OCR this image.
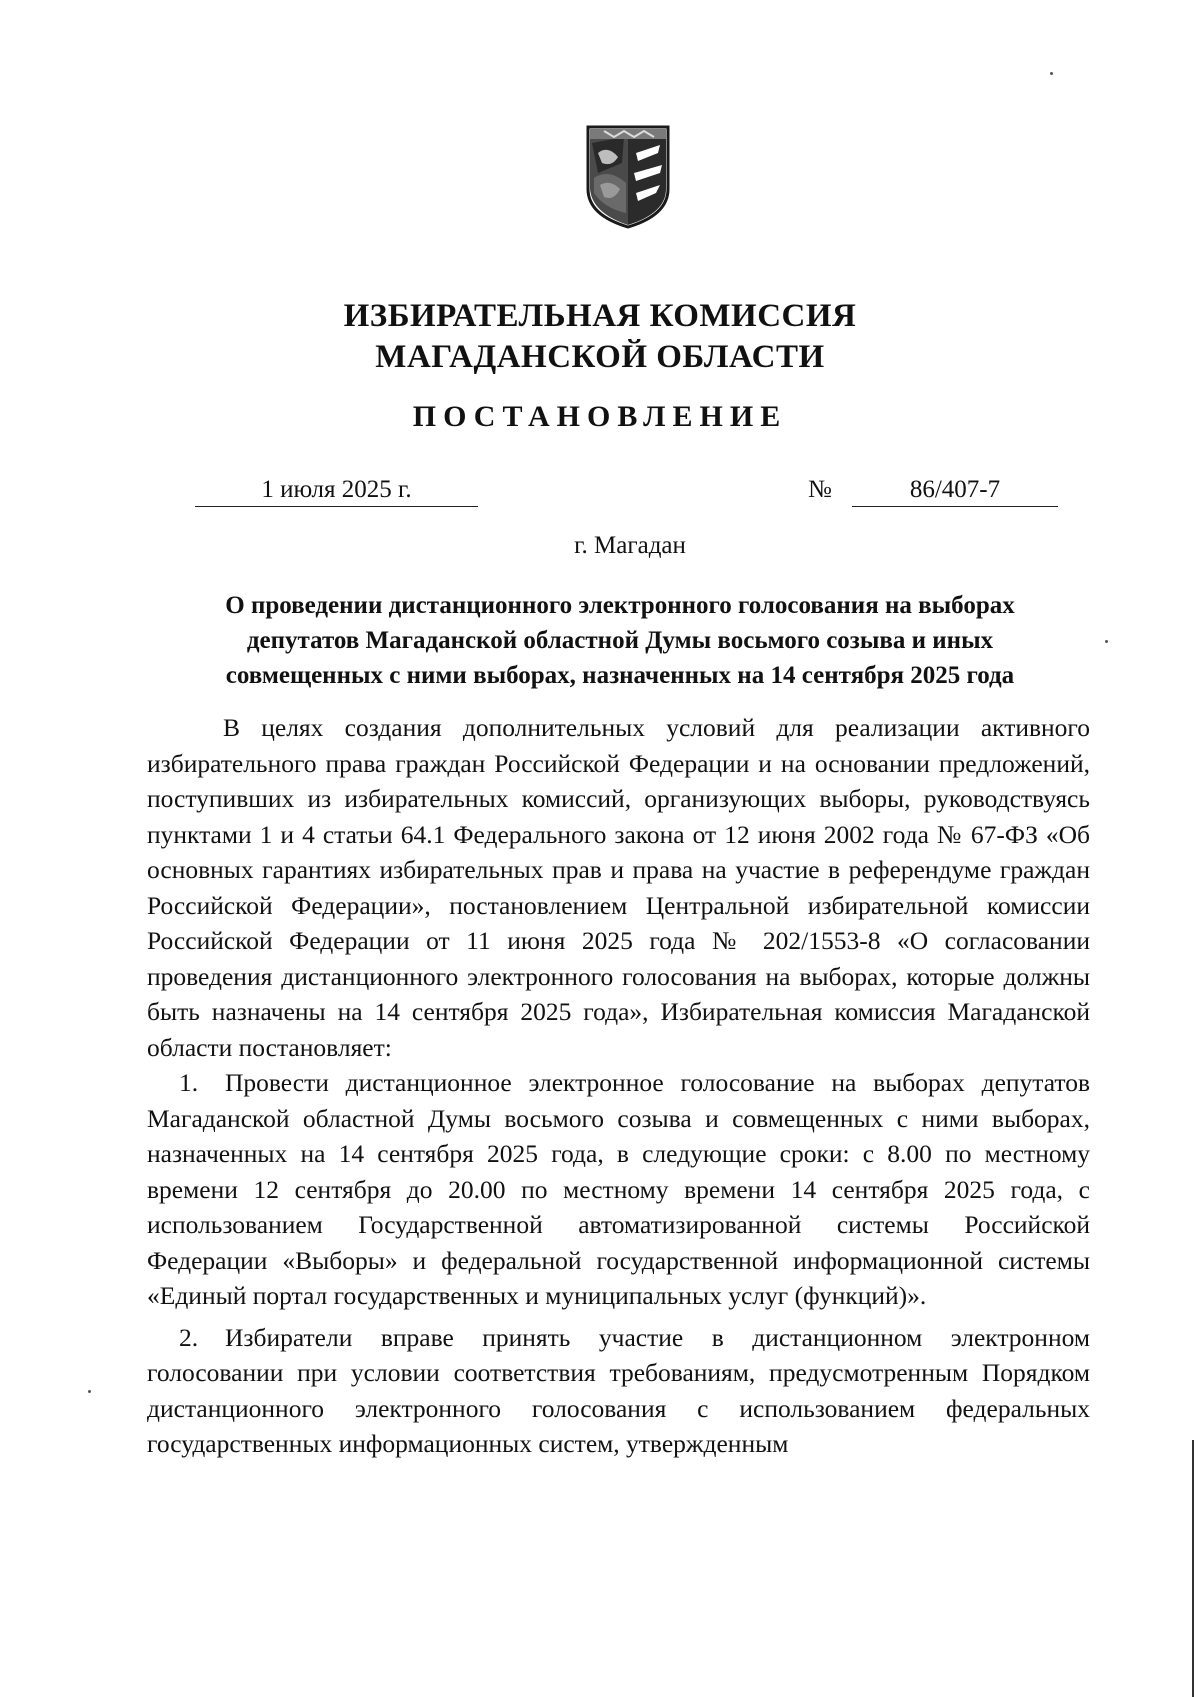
ИЗБИРАТЕЛЬНАЯ КОМИССИЯ
МАГАДАНСКОЙ ОБЛАСТИ
ПОСТАНОВЛЕНИЕ
1 июля 2025 г.	№	86/407-7
г. Магадан
О проведении дистанционного электронного голосования на выборах
депутатов Магаданской областной Думы восьмого созыва и иных
совмещенных с ними выборах, назначенных на 14 сентября 2025 года

В целях создания дополнительных условий для реализации активного избирательного права граждан Российской Федерации и на основании предложений, поступивших из избирательных комиссий, организующих выборы, руководствуясь пунктами 1 и 4 статьи 64.1 Федерального закона от 12 июня 2002 года № 67-ФЗ «Об основных гарантиях избирательных прав и права на участие в референдуме граждан Российской Федерации», постановлением Центральной избирательной комиссии Российской Федерации от 11 июня 2025 года № 202/1553-8 «О согласовании проведения дистанционного электронного голосования на выборах, которые должны быть назначены на 14 сентября 2025 года», Избирательная комиссия Магаданской области постановляет:

1. Провести дистанционное электронное голосование на выборах депутатов Магаданской областной Думы восьмого созыва и совмещенных с ними выборах, назначенных на 14 сентября 2025 года, в следующие сроки: с 8.00 по местному времени 12 сентября до 20.00 по местному времени 14 сентября 2025 года, с использованием Государственной автоматизированной системы Российской Федерации «Выборы» и федеральной государственной информационной системы «Единый портал государственных и муниципальных услуг (функций)».

2. Избиратели вправе принять участие в дистанционном электронном голосовании при условии соответствия требованиям, предусмотренным Порядком дистанционного электронного голосования с использованием федеральных государственных информационных систем, утвержденным
